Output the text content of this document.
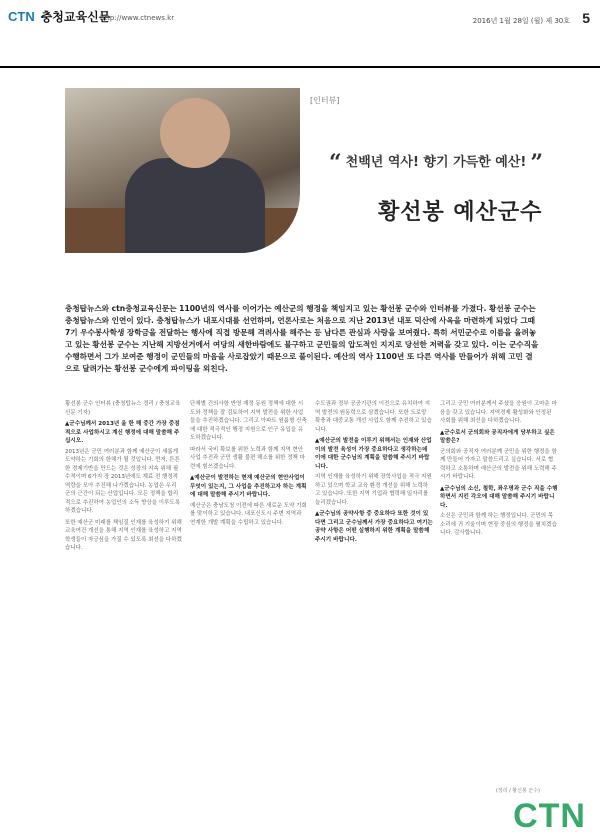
CTN 충청교육신문
http://www.ctnews.kr	2016년 1월 28일 (월) 제 30호 5
[인터뷰]
“ 천백년 역사! 향기 가득한 예산! ”
황선봉 예산군수
충청탑뉴스와 ctn충청교육신문는 1100년의 역사를 이어가는 예산군의 행정을 책임지고 있는 황선봉 군수와 인터뷰를 가졌다. 황선봉 군수는 충청탑뉴스와 인연이 있다. 충청탑뉴스가 내포시대를 선언하며, 언론사로는 처음으로 지난 2013년 내포 덕산에 사옥을 마련하게 되었다 그때 7기 우수봉사학생 장학금을 전달하는 행사에 직접 방문해 격려사를 해주는 등 남다른 관심과 사랑을 보여줬다. 특히 서민군수로 이름을 올려놓고 있는 황선봉 군수는 지난해 지방선거에서 여당의 새한바람에도 불구하고 군민들의 압도적인 지지로 당선한 저력을 갖고 있다. 이는 군수직을 수행하면서 그가 보여준 행정이 군민들의 마음을 사로잡았기 때문으로 풀이된다. 예산의 역사 1100년 또 다른 역사를 만들어가 위해 고민 결으로 달려가는 황선봉 군수에게 파이팅을 외친다.

황선봉 군수 인터뷰 (충청탑뉴스 정리 / 충청교육신문 기자)

▲군수님께서 2013년 올 한 해 중간 가장 중점적으로 사업하시고 계신 행정에 대해 말씀해 주십시오.

2013년은 군민 여러분과 함께 예산군이 새롭게 도약하는 기회의 한해가 될 것입니다. 먼저, 튼튼한 경제기반을 만드는 것은 성장의 지속 위해 필수적이며 6가지 장 2013년에도 재료 전 행정적 역량을 모아 추진해 나가겠습니다. 농업은 우리 군의 근간이 되는 산업입니다. 모든 정책을 합리적으로 추진하여 농업인의 소득 향상을 이루도록 하겠습니다.

또한 예산군 미래를 책임질 인재를 육성하기 위해 교육여건 개선을 통해 지역 인재를 육성하고 지역 학생들이 자긍심을 가질 수 있도록 최선을 다하겠습니다.

단체별 건의사항 반영 재정 동원 정책에 대한 시도와 정책을 잘 검토하여 지역 발전을 위한 사업들을 추진하겠습니다. 그리고 아파트 원룸형 신축에 대한 적극적인 행정 지원으로 인구 유입을 유도하겠습니다.

따라서 국비 확보를 위한 노력과 함께 지역 현안 사업 추진과 군민 생활 불편 해소를 위한 정책 마련에 힘쓰겠습니다.

▲예산군이 발전하는 현재 예산군의 현안사업이 무엇이 있는지, 그 사업을 추진하고자 하는 계획에 대해 말씀해 주시기 바랍니다.

예산군은 충남도청 이전에 따른 새로운 도약 기회를 맞이하고 있습니다. 내포신도시 주변 지역과 연계한 개발 계획을 수립하고 있습니다.

수도권과 정부 공공기관의 이전으로 유치하여 지역 발전의 원동력으로 삼겠습니다. 또한 도로망 확충과 대중교통 개선 사업도 함께 추진하고 있습니다.

▲예산군의 발전을 이루기 위해서는 인재와 산업이의 발전 육성이 가장 중요하다고 생각하는데 이에 대한 군수님의 계획을 말씀해 주시기 바랍니다.

지역 인재를 육성하기 위해 장학사업을 적극 지원하고 있으며 학교 교육 환경 개선을 위해 노력하고 있습니다. 또한 지역 기업과 협력해 일자리를 늘리겠습니다.

▲군수님의 공약사항 중 중요하다 또한 것이 있다면 그리고 군수님께서 가장 중요하다고 여기는 공약 사항은 어떤 실행하지 위한 계획을 말씀해주시기 바랍니다.

그리고 군민 여러분께서 주셨을 응원이 고마운 마음을 갖고 있습니다. 지역경제 활성화와 안정된 사회를 위해 최선을 다하겠습니다.

▲군수로서 군의회와 공직자에게 당부하고 싶은 말씀은?

군의회와 공직자 여러분께 군민을 위한 행정을 함께 만들어 가자고 말씀드리고 싶습니다. 서로 협력하고 소통하며 예산군의 발전을 위해 노력해 주시기 바랍니다.

▲군수님의 소신, 철학, 좌우명과 군수 직을 수행하면서 지킨 각오에 대해 말씀해 주시기 바랍니다.

소신은 군민과 함께 하는 행정입니다. 군민의 목소리에 귀 기울이며 현장 중심의 행정을 펼치겠습니다. 감사합니다.

(정리 / 황신봉 군수)
CTN
